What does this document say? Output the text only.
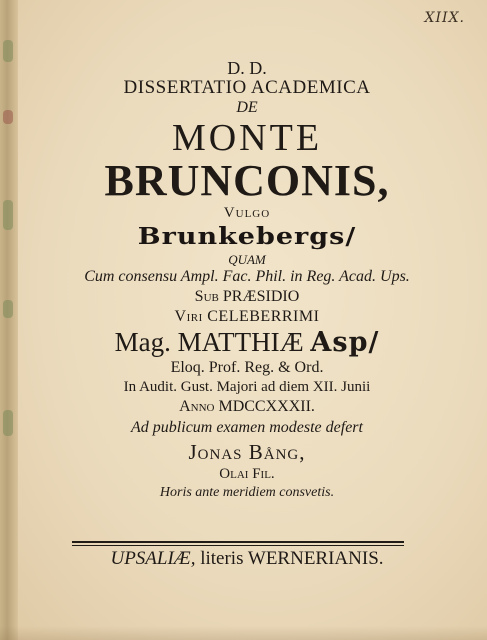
XIIX.
D. D.
DISSERTATIO ACADEMICA
DE
MONTE
BRUNCONIS,
Vulgo
Brunkebergs/
QUAM
Cum consensu Ampl. Fac. Phil. in Reg. Acad. Ups.
Sub PRÆSIDIO
Viri CELEBERRIMI
Mag. MATTHIÆ Asp/
Eloq. Prof. Reg. & Ord.
In Audit. Gust. Majori ad diem XII. Junii
Anno MDCCXXXII.
Ad publicum examen modeste defert
Jonas Bång,
Olai Fil.
Horis ante meridiem consvetis.
UPSALIÆ, literis WERNERIANIS.
